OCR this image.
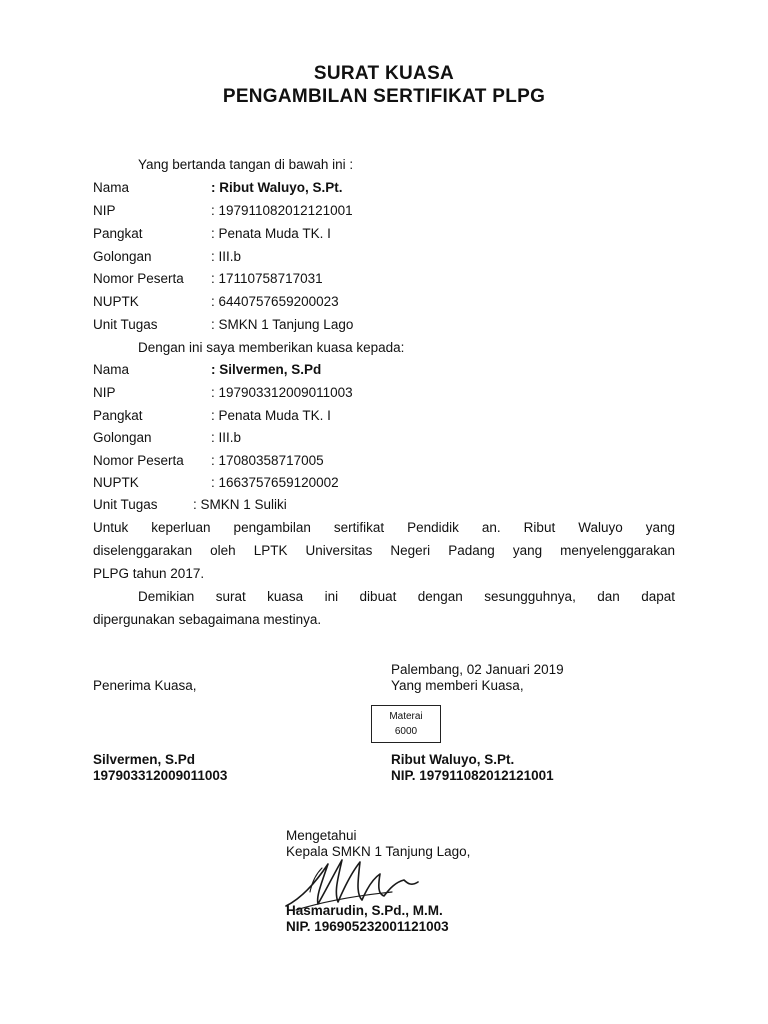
SURAT KUASA
PENGAMBILAN SERTIFIKAT PLPG
Yang bertanda tangan di bawah ini :
Nama	: Ribut Waluyo, S.Pt.
NIP	: 197911082012121001
Pangkat	: Penata Muda TK. I
Golongan	: III.b
Nomor Peserta : 17110758717031
NUPTK	: 6440757659200023
Unit Tugas	: SMKN 1 Tanjung Lago
Dengan ini saya memberikan kuasa kepada:
Nama	: Silvermen, S.Pd
NIP	: 197903312009011003
Pangkat	: Penata Muda TK. I
Golongan	: III.b
Nomor Peserta : 17080358717005
NUPTK	: 1663757659120002
Unit Tugas	: SMKN 1 Suliki
Untuk keperluan pengambilan sertifikat Pendidik an. Ribut Waluyo yang
diselenggarakan oleh LPTK Universitas Negeri Padang yang menyelenggarakan
PLPG tahun 2017.
Demikian surat kuasa ini dibuat dengan sesungguhnya, dan dapat
dipergunakan sebagaimana mestinya.
Palembang, 02 Januari 2019
Penerima Kuasa,	Yang memberi Kuasa,
Materai
6000
Silvermen, S.Pd
197903312009011003
Ribut Waluyo, S.Pt.
NIP. 197911082012121001
Mengetahui
Kepala SMKN 1 Tanjung Lago,
Hasmarudin, S.Pd., M.M.
NIP. 196905232001121003
